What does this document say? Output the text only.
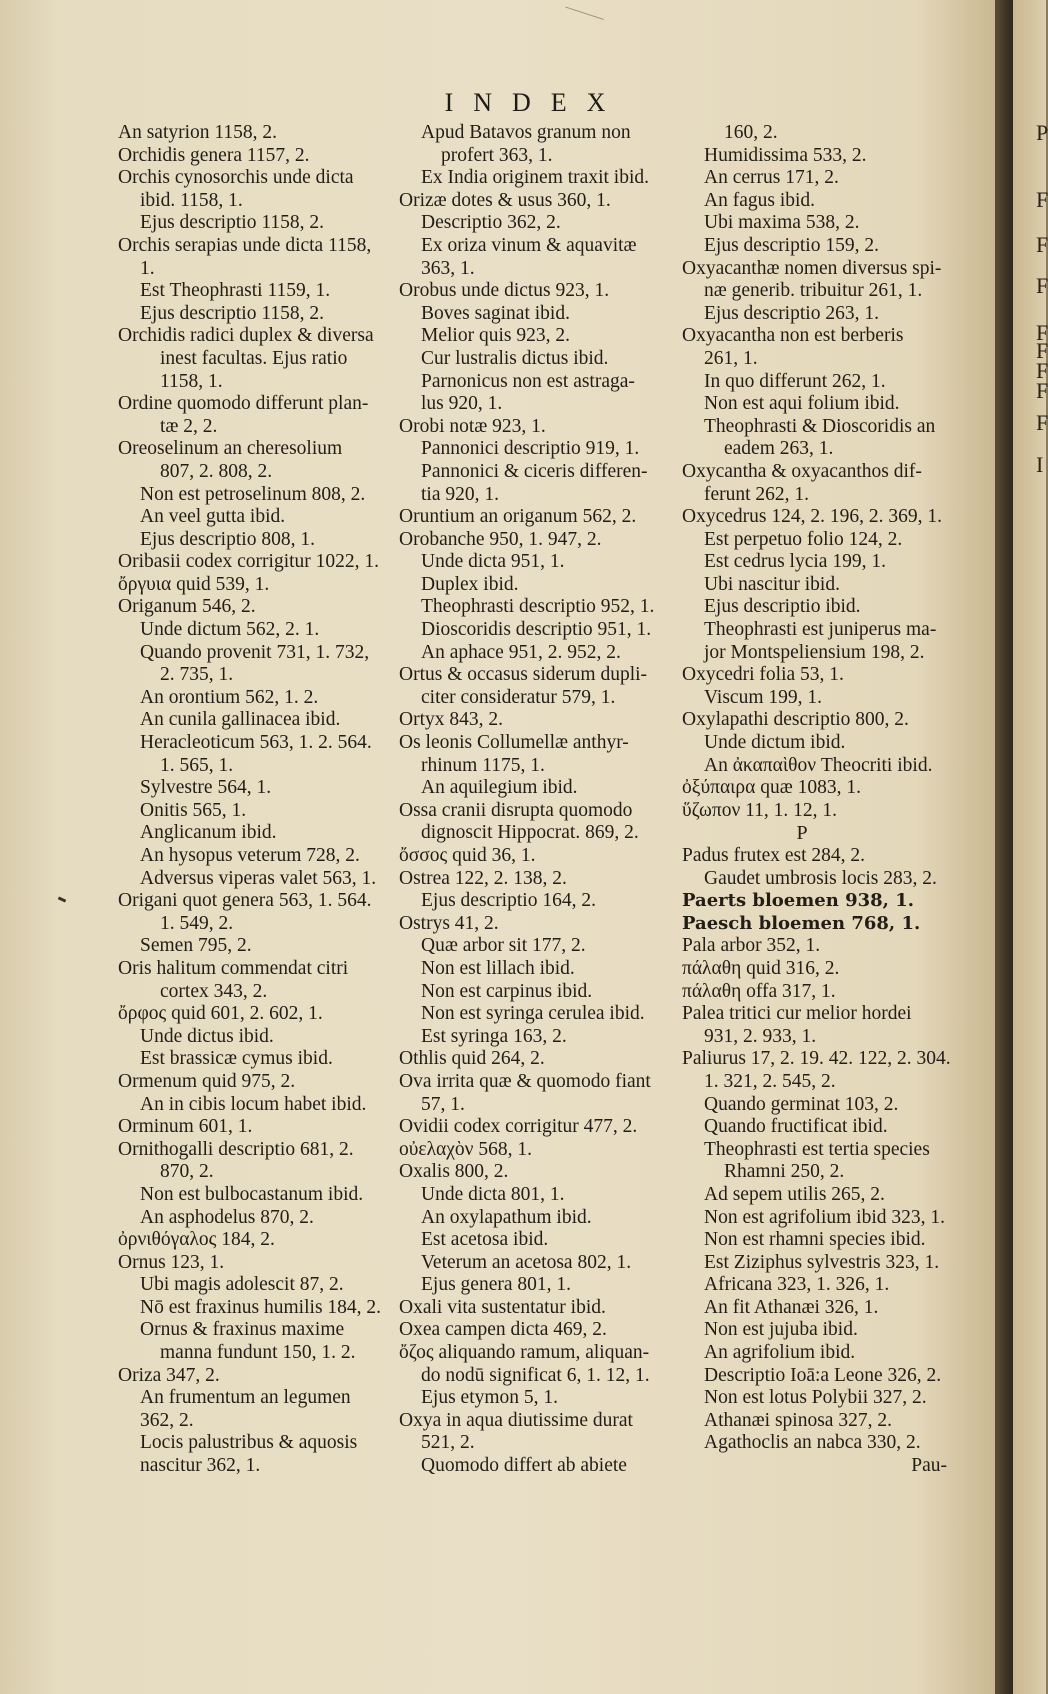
INDEX
An satyrion 1158, 2.
Orchidis genera 1157, 2.
Orchis cynosorchis unde dicta
ibid. 1158, 1.
Ejus descriptio 1158, 2.
Orchis serapias unde dicta 1158,
1.
Est Theophrasti 1159, 1.
Ejus descriptio 1158, 2.
Orchidis radici duplex & diversa
inest facultas. Ejus ratio
1158, 1.
Ordine quomodo differunt plan-
tæ 2, 2.
Oreoselinum an cheresolium
807, 2. 808, 2.
Non est petroselinum 808, 2.
An veel gutta ibid.
Ejus descriptio 808, 1.
Oribasii codex corrigitur 1022, 1.
ὄργυια quid 539, 1.
Origanum 546, 2.
Unde dictum 562, 2. 1.
Quando provenit 731, 1. 732,
2. 735, 1.
An orontium 562, 1. 2.
An cunila gallinacea ibid.
Heracleoticum 563, 1. 2. 564.
1. 565, 1.
Sylvestre 564, 1.
Onitis 565, 1.
Anglicanum ibid.
An hysopus veterum 728, 2.
Adversus viperas valet 563, 1.
Origani quot genera 563, 1. 564.
1. 549, 2.
Semen 795, 2.
Oris halitum commendat citri
cortex 343, 2.
ὄρφος quid 601, 2. 602, 1.
Unde dictus ibid.
Est brassicæ cymus ibid.
Ormenum quid 975, 2.
An in cibis locum habet ibid.
Orminum 601, 1.
Ornithogalli descriptio 681, 2.
870, 2.
Non est bulbocastanum ibid.
An asphodelus 870, 2.
ὀρνιθόγαλος 184, 2.
Ornus 123, 1.
Ubi magis adolescit 87, 2.
Nō est fraxinus humilis 184, 2.
Ornus & fraxinus maxime
manna fundunt 150, 1. 2.
Oriza 347, 2.
An frumentum an legumen
362, 2.
Locis palustribus & aquosis
nascitur 362, 1.
Apud Batavos granum non
profert 363, 1.
Ex India originem traxit ibid.
Orizæ dotes & usus 360, 1.
Descriptio 362, 2.
Ex oriza vinum & aquavitæ
363, 1.
Orobus unde dictus 923, 1.
Boves saginat ibid.
Melior quis 923, 2.
Cur lustralis dictus ibid.
Parnonicus non est astraga-
lus 920, 1.
Orobi notæ 923, 1.
Pannonici descriptio 919, 1.
Pannonici & ciceris differen-
tia 920, 1.
Oruntium an origanum 562, 2.
Orobanche 950, 1. 947, 2.
Unde dicta 951, 1.
Duplex ibid.
Theophrasti descriptio 952, 1.
Dioscoridis descriptio 951, 1.
An aphace 951, 2. 952, 2.
Ortus & occasus siderum dupli-
citer consideratur 579, 1.
Ortyx 843, 2.
Os leonis Collumellæ anthyr-
rhinum 1175, 1.
An aquilegium ibid.
Ossa cranii disrupta quomodo
dignoscit Hippocrat. 869, 2.
ὄσσος quid 36, 1.
Ostrea 122, 2. 138, 2.
Ejus descriptio 164, 2.
Ostrys 41, 2.
Quæ arbor sit 177, 2.
Non est lillach ibid.
Non est carpinus ibid.
Non est syringa cerulea ibid.
Est syringa 163, 2.
Othlis quid 264, 2.
Ova irrita quæ & quomodo fiant
57, 1.
Ovidii codex corrigitur 477, 2.
οὐελαχὸν 568, 1.
Oxalis 800, 2.
Unde dicta 801, 1.
An oxylapathum ibid.
Est acetosa ibid.
Veterum an acetosa 802, 1.
Ejus genera 801, 1.
Oxali vita sustentatur ibid.
Oxea campen dicta 469, 2.
ὄζος aliquando ramum, aliquan-
do nodū significat 6, 1. 12, 1.
Ejus etymon 5, 1.
Oxya in aqua diutissime durat
521, 2.
Quomodo differt ab abiete
160, 2.
Humidissima 533, 2.
An cerrus 171, 2.
An fagus ibid.
Ubi maxima 538, 2.
Ejus descriptio 159, 2.
Oxyacanthæ nomen diversus spi-
næ generib. tribuitur 261, 1.
Ejus descriptio 263, 1.
Oxyacantha non est berberis
261, 1.
In quo differunt 262, 1.
Non est aqui folium ibid.
Theophrasti & Dioscoridis an
eadem 263, 1.
Oxycantha & oxyacanthos dif-
ferunt 262, 1.
Oxycedrus 124, 2. 196, 2. 369, 1.
Est perpetuo folio 124, 2.
Est cedrus lycia 199, 1.
Ubi nascitur ibid.
Ejus descriptio ibid.
Theophrasti est juniperus ma-
jor Montspeliensium 198, 2.
Oxycedri folia 53, 1.
Viscum 199, 1.
Oxylapathi descriptio 800, 2.
Unde dictum ibid.
An ἀκαπαὶθον Theocriti ibid.
ὀξύπαιρα quæ 1083, 1.
ὕζωπον 11, 1. 12, 1.
P
Padus frutex est 284, 2.
Gaudet umbrosis locis 283, 2.
Paerts bloemen 938, 1.
Paesch bloemen 768, 1.
Pala arbor 352, 1.
πάλαθη quid 316, 2.
πάλαθη offa 317, 1.
Palea tritici cur melior hordei
931, 2. 933, 1.
Paliurus 17, 2. 19. 42. 122, 2. 304.
1. 321, 2. 545, 2.
Quando germinat 103, 2.
Quando fructificat ibid.
Theophrasti est tertia species
Rhamni 250, 2.
Ad sepem utilis 265, 2.
Non est agrifolium ibid 323, 1.
Non est rhamni species ibid.
Est Ziziphus sylvestris 323, 1.
Africana 323, 1. 326, 1.
An fit Athanæi 326, 1.
Non est jujuba ibid.
An agrifolium ibid.
Descriptio Ioā:a Leone 326, 2.
Non est lotus Polybii 327, 2.
Athanæi spinosa 327, 2.
Agathoclis an nabca 330, 2.
Pau-
P
F
F
F
F
F
F
F
F
I
